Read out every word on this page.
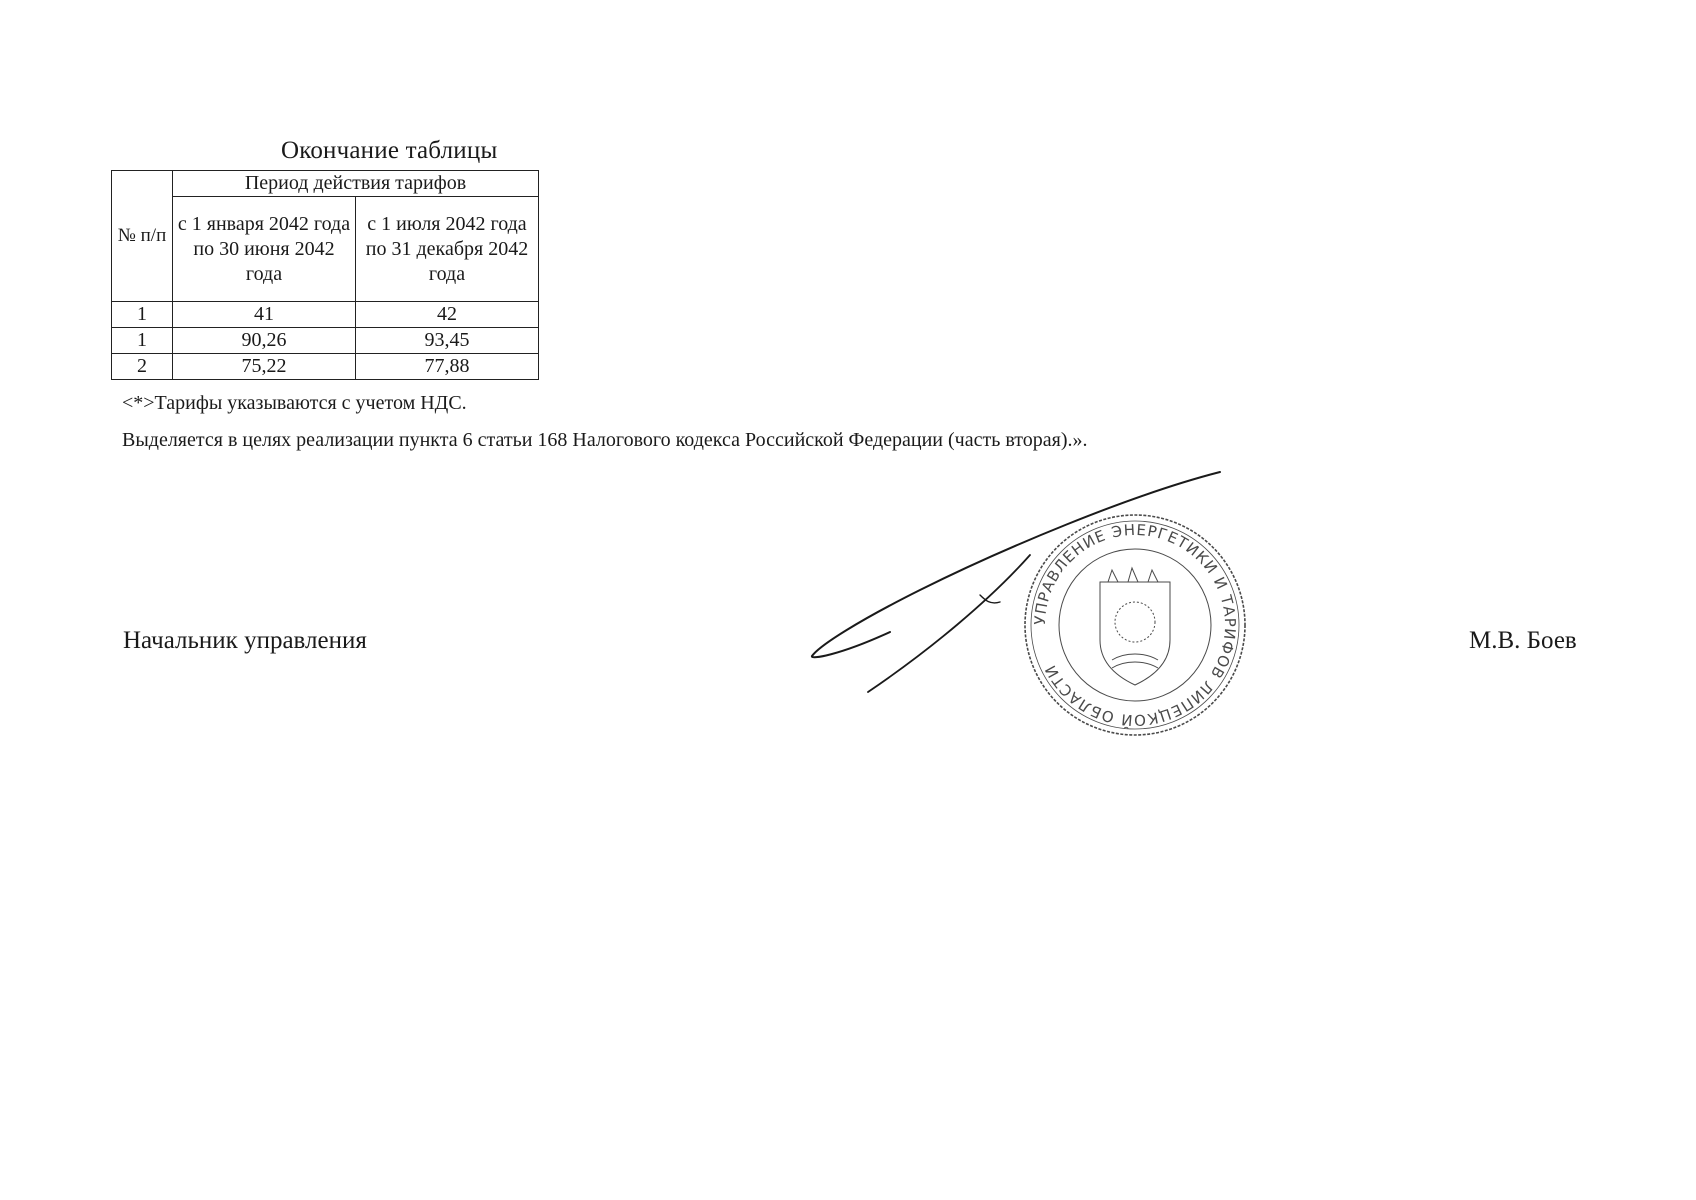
Окончание таблицы
№ п/п	Период действия тарифов	
	с 1 января 2042 года по 30 июня 2042 года	с 1 июля 2042 года по 31 декабря 2042 года
1	41	42
1	90,26	93,45
2	75,22	77,88
<*>Тарифы указываются с учетом НДС.
Выделяется в целях реализации пункта 6 статьи 168 Налогового кодекса Российской Федерации (часть вторая).».
Начальник управления
УПРАВЛЕНИЕ ЭНЕРГЕТИКИ И ТАРИФОВ ЛИПЕЦКОЙ ОБЛАСТИ
М.В. Боев
